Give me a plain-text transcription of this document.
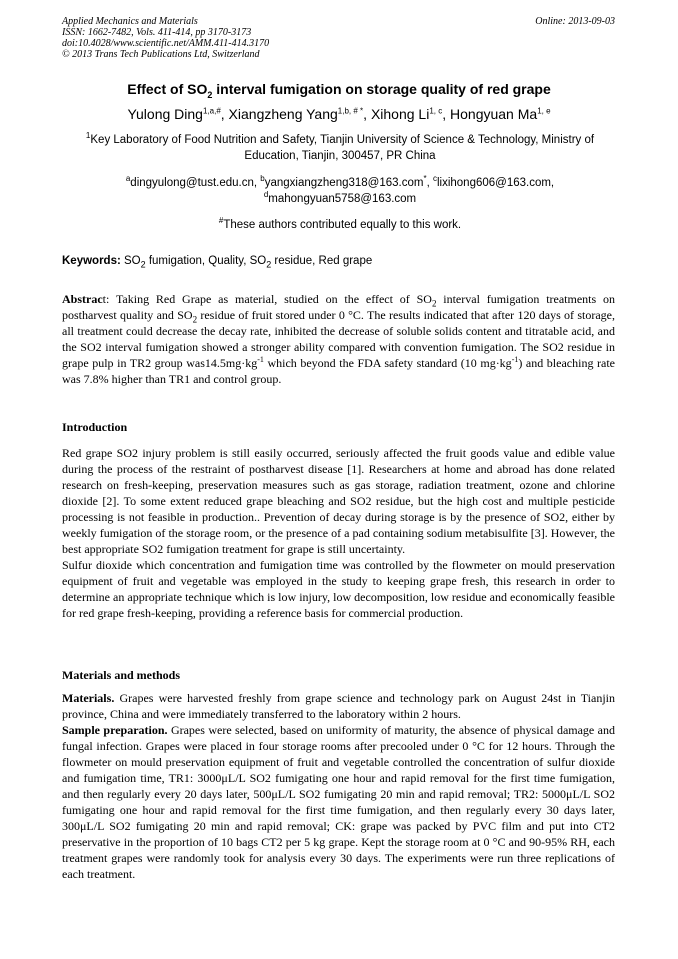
Applied Mechanics and Materials
ISSN: 1662-7482, Vols. 411-414, pp 3170-3173
doi:10.4028/www.scientific.net/AMM.411-414.3170
© 2013 Trans Tech Publications Ltd, Switzerland
Online: 2013-09-03
Effect of $SO_2$ interval fumigation on storage quality of red grape
Yulong Ding$^{1,a,\#}$, Xiangzheng Yang$^{1,b, \# *}$, Xihong Li$^{1, c}$, Hongyuan Ma$^{1, e}$
$^1$Key Laboratory of Food Nutrition and Safety, Tianjin University of Science & Technology, Ministry of Education, Tianjin, 300457, PR China
$^a$dingyulong@tust.edu.cn, $^b$yangxiangzheng318@163.com*, $^c$lixihong606@163.com,
$^d$mahongyuan5758@163.com
#These authors contributed equally to this work.
Keywords: $SO_2$ fumigation, Quality, $SO_2$ residue, Red grape
Abstract: Taking Red Grape as material, studied on the effect of $SO_2$ interval fumigation treatments on postharvest quality and $SO_2$ residue of fruit stored under 0 °C. The results indicated that after 120 days of storage, all treatment could decrease the decay rate, inhibited the decrease of soluble solids content and titratable acid, and the SO2 interval fumigation showed a stronger ability compared with convention fumigation. The SO2 residue in grape pulp in TR2 group $was14.5mg\cdot kg^{-1}$ which beyond the FDA safety standard (10 $mg\cdot kg^{-1}$) and bleaching rate was 7.8% higher than TR1 and control group.
Introduction

Red grape SO2 injury problem is still easily occurred, seriously affected the fruit goods value and edible value during the process of the restraint of postharvest disease [1]. Researchers at home and abroad has done related research on fresh-keeping, preservation measures such as gas storage, radiation treatment, ozone and chlorine dioxide [2]. To some extent reduced grape bleaching and SO2 residue, but the high cost and multiple pesticide processing is not feasible in production.. Prevention of decay during storage is by the presence of SO2, either by weekly fumigation of the storage room, or the presence of a pad containing sodium metabisulfite [3]. However, the best appropriate SO2 fumigation treatment for grape is still uncertainty.

Sulfur dioxide which concentration and fumigation time was controlled by the flowmeter on mould preservation equipment of fruit and vegetable was employed in the study to keeping grape fresh, this research in order to determine an appropriate technique which is low injury, low decomposition, low residue and economically feasible for red grape fresh-keeping, providing a reference basis for commercial production.

Materials and methods

Materials. Grapes were harvested freshly from grape science and technology park on August 24st in Tianjin province, China and were immediately transferred to the laboratory within 2 hours.

Sample preparation. Grapes were selected, based on uniformity of maturity, the absence of physical damage and fungal infection. Grapes were placed in four storage rooms after precooled under 0 °C for 12 hours. Through the flowmeter on mould preservation equipment of fruit and vegetable controlled the concentration of sulfur dioxide and fumigation time, TR1: 3000μL/L SO2 fumigating one hour and rapid removal for the first time fumigation, and then regularly every 20 days later, 500μL/L SO2 fumigating 20 min and rapid removal; TR2: 5000μL/L SO2 fumigating one hour and rapid removal for the first time fumigation, and then regularly every 30 days later, 300μL/L SO2 fumigating 20 min and rapid removal; CK: grape was packed by PVC film and put into CT2 preservative in the proportion of 10 bags CT2 per 5 kg grape. Kept the storage room at 0 °C and 90-95% RH, each treatment grapes were randomly took for analysis every 30 days. The experiments were run three replications of each treatment.
